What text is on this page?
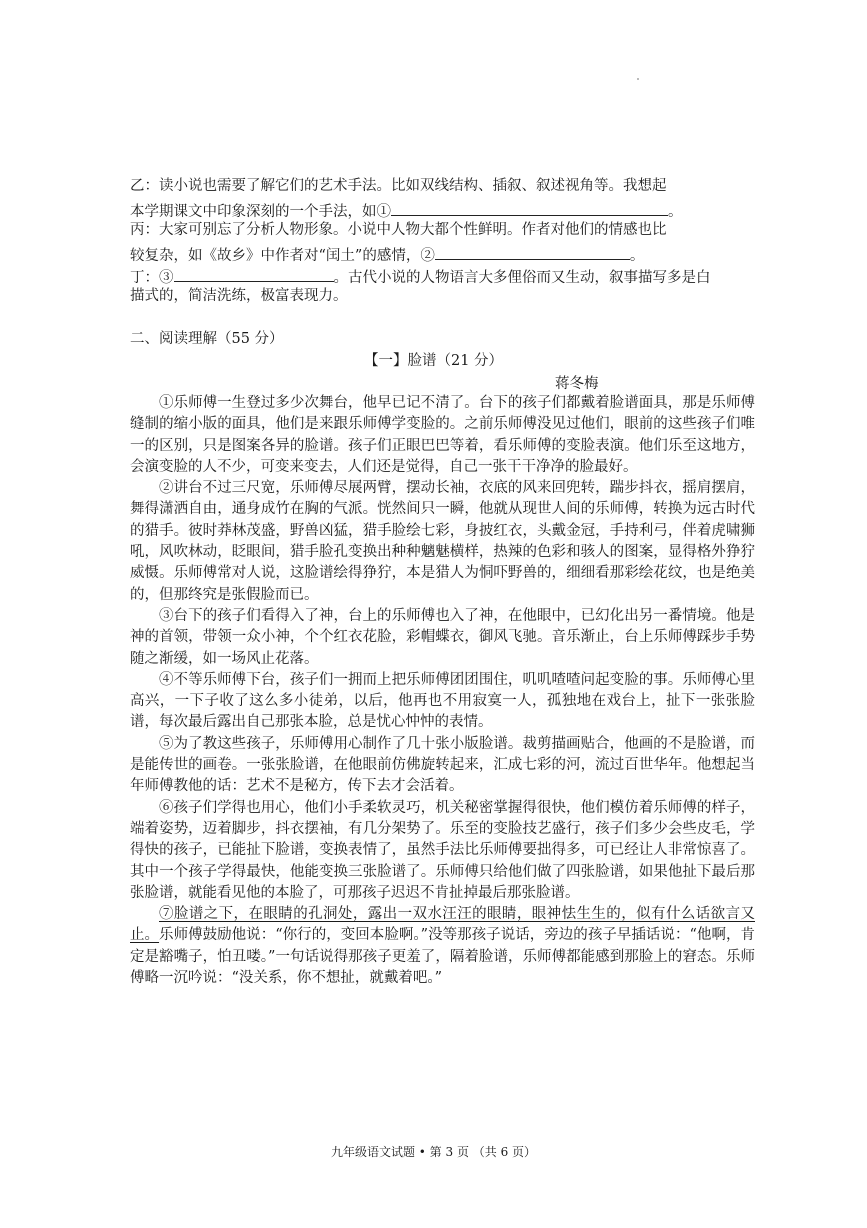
乙：读小说也需要了解它们的艺术手法。比如双线结构、插叙、叙述视角等。我想起
本学期课文中印象深刻的一个手法，如①	。
丙：大家可别忘了分析人物形象。小说中人物大都个性鲜明。作者对他们的情感也比
较复杂，如《故乡》中作者对“闰土”的感情，②	。
丁：③	。古代小说的人物语言大多俚俗而又生动，叙事描写多是白
描式的，简洁洗练，极富表现力。
二、阅读理解（55 分）
【一】脸谱（21 分）
蒋冬梅

①乐师傅一生登过多少次舞台，他早已记不清了。台下的孩子们都戴着脸谱面具，那是乐师傅缝制的缩小版的面具，他们是来跟乐师傅学变脸的。之前乐师傅没见过他们，眼前的这些孩子们唯一的区别，只是图案各异的脸谱。孩子们正眼巴巴等着，看乐师傅的变脸表演。他们乐至这地方，会演变脸的人不少，可变来变去，人们还是觉得，自己一张干干净净的脸最好。

②讲台不过三尺宽，乐师傅尽展两臂，摆动长袖，衣底的风来回兜转，踹步抖衣，摇肩摆肩，舞得潇洒自由，通身成竹在胸的气派。恍然间只一瞬，他就从现世人间的乐师傅，转换为远古时代的猎手。彼时莽林茂盛，野兽凶猛，猎手脸绘七彩，身披红衣，头戴金冠，手持利弓，伴着虎啸狮吼，风吹林动，眨眼间，猎手脸孔变换出种种魑魅横样，热辣的色彩和骇人的图案，显得格外狰狞威慑。乐师傅常对人说，这脸谱绘得狰狞，本是猎人为恫吓野兽的，细细看那彩绘花纹，也是绝美的，但那终究是张假脸而已。

③台下的孩子们看得入了神，台上的乐师傅也入了神，在他眼中，已幻化出另一番情境。他是神的首领，带领一众小神，个个红衣花脸，彩帽蝶衣，御风飞驰。音乐渐止，台上乐师傅踩步手势随之渐缓，如一场风止花落。

④不等乐师傅下台，孩子们一拥而上把乐师傅团团围住，叽叽喳喳问起变脸的事。乐师傅心里高兴，一下子收了这么多小徒弟，以后，他再也不用寂寞一人，孤独地在戏台上，扯下一张张脸谱，每次最后露出自己那张本脸，总是忧心忡忡的表情。

⑤为了教这些孩子，乐师傅用心制作了几十张小版脸谱。裁剪描画贴合，他画的不是脸谱，而是能传世的画卷。一张张脸谱，在他眼前仿佛旋转起来，汇成七彩的河，流过百世华年。他想起当年师傅教他的话：艺术不是秘方，传下去才会活着。

⑥孩子们学得也用心，他们小手柔软灵巧，机关秘密掌握得很快，他们模仿着乐师傅的样子，端着姿势，迈着脚步，抖衣摆袖，有几分架势了。乐至的变脸技艺盛行，孩子们多少会些皮毛，学得快的孩子，已能扯下脸谱，变换表情了，虽然手法比乐师傅要拙得多，可已经让人非常惊喜了。其中一个孩子学得最快，他能变换三张脸谱了。乐师傅只给他们做了四张脸谱，如果他扯下最后那张脸谱，就能看见他的本脸了，可那孩子迟迟不肯扯掉最后那张脸谱。

⑦脸谱之下，在眼睛的孔洞处，露出一双水汪汪的眼睛，眼神怯生生的，似有什么话欲言又止。乐师傅鼓励他说：“你行的，变回本脸啊。”没等那孩子说话，旁边的孩子早插话说：“他啊，肯定是豁嘴子，怕丑喽。”一句话说得那孩子更羞了，隔着脸谱，乐师傅都能感到那脸上的窘态。乐师傅略一沉吟说：“没关系，你不想扯，就戴着吧。”

九年级语文试题 • 第 3 页 （共 6 页）
